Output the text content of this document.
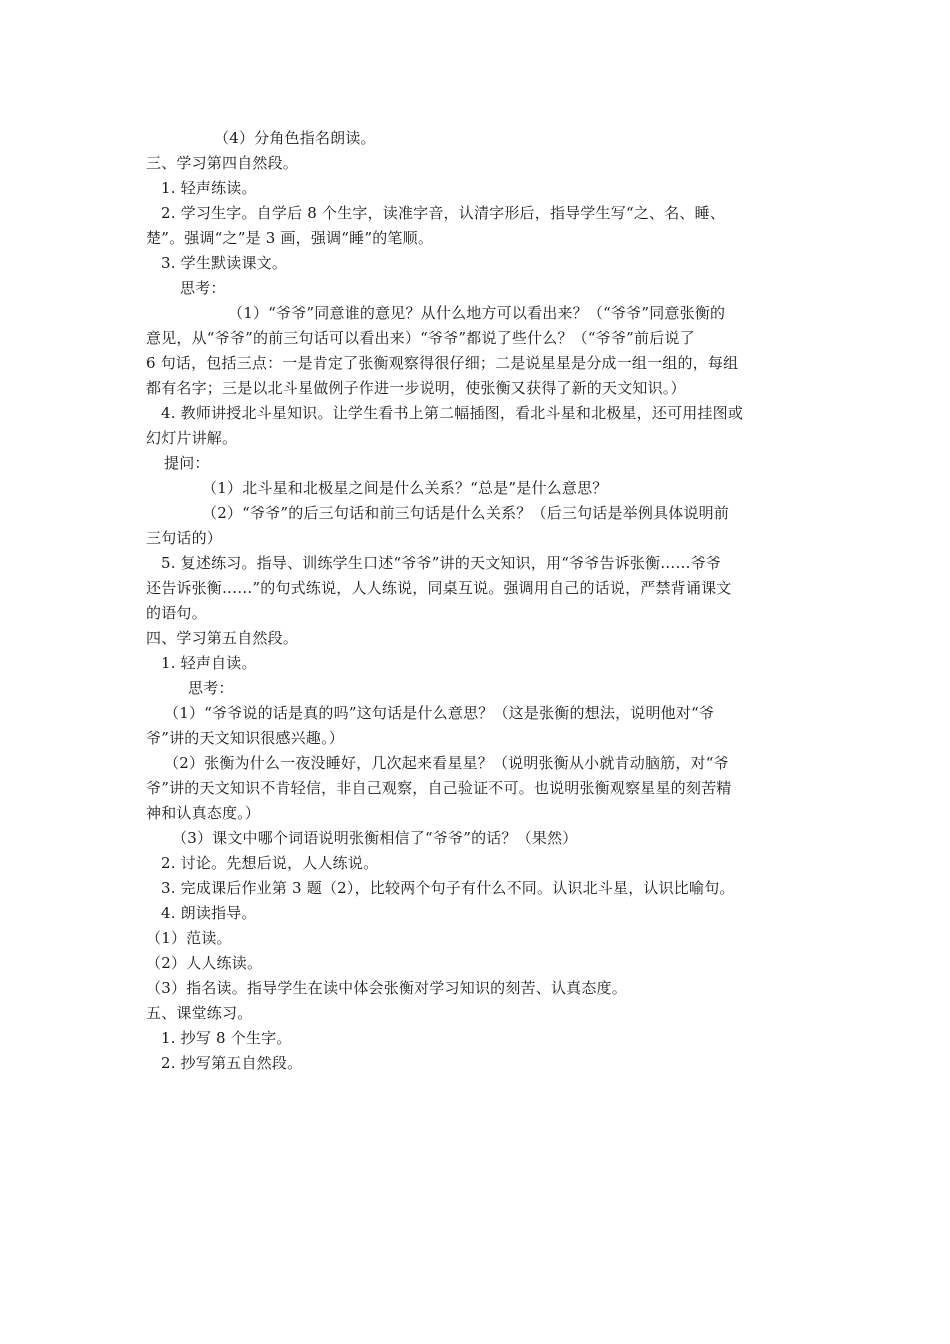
（4）分角色指名朗读。
三、学习第四自然段。
1. 轻声练读。
2. 学习生字。自学后 8 个生字，读准字音，认清字形后，指导学生写“之、名、睡、
楚”。强调“之”是 3 画，强调“睡”的笔顺。
3. 学生默读课文。
思考：
（1）“爷爷”同意谁的意见？从什么地方可以看出来？（“爷爷”同意张衡的
意见，从“爷爷”的前三句话可以看出来）“爷爷”都说了些什么？（“爷爷”前后说了
6 句话，包括三点：一是肯定了张衡观察得很仔细；二是说星星是分成一组一组的，每组
都有名字；三是以北斗星做例子作进一步说明，使张衡又获得了新的天文知识。）
4. 教师讲授北斗星知识。让学生看书上第二幅插图，看北斗星和北极星，还可用挂图或
幻灯片讲解。
提问：
（1）北斗星和北极星之间是什么关系？“总是”是什么意思？
（2）“爷爷”的后三句话和前三句话是什么关系？（后三句话是举例具体说明前
三句话的）
5. 复述练习。指导、训练学生口述“爷爷”讲的天文知识，用“爷爷告诉张衡……爷爷
还告诉张衡……”的句式练说，人人练说，同桌互说。强调用自己的话说，严禁背诵课文
的语句。
四、学习第五自然段。
1. 轻声自读。
思考：
（1）“爷爷说的话是真的吗”这句话是什么意思？（这是张衡的想法，说明他对“爷
爷”讲的天文知识很感兴趣。）
（2）张衡为什么一夜没睡好，几次起来看星星？（说明张衡从小就肯动脑筋，对“爷
爷”讲的天文知识不肯轻信，非自己观察，自己验证不可。也说明张衡观察星星的刻苦精
神和认真态度。）
（3）课文中哪个词语说明张衡相信了“爷爷”的话？（果然）
2. 讨论。先想后说，人人练说。
3. 完成课后作业第 3 题（2），比较两个句子有什么不同。认识北斗星，认识比喻句。
4. 朗读指导。
（1）范读。
（2）人人练读。
（3）指名读。指导学生在读中体会张衡对学习知识的刻苦、认真态度。
五、课堂练习。
1. 抄写 8 个生字。
2. 抄写第五自然段。
